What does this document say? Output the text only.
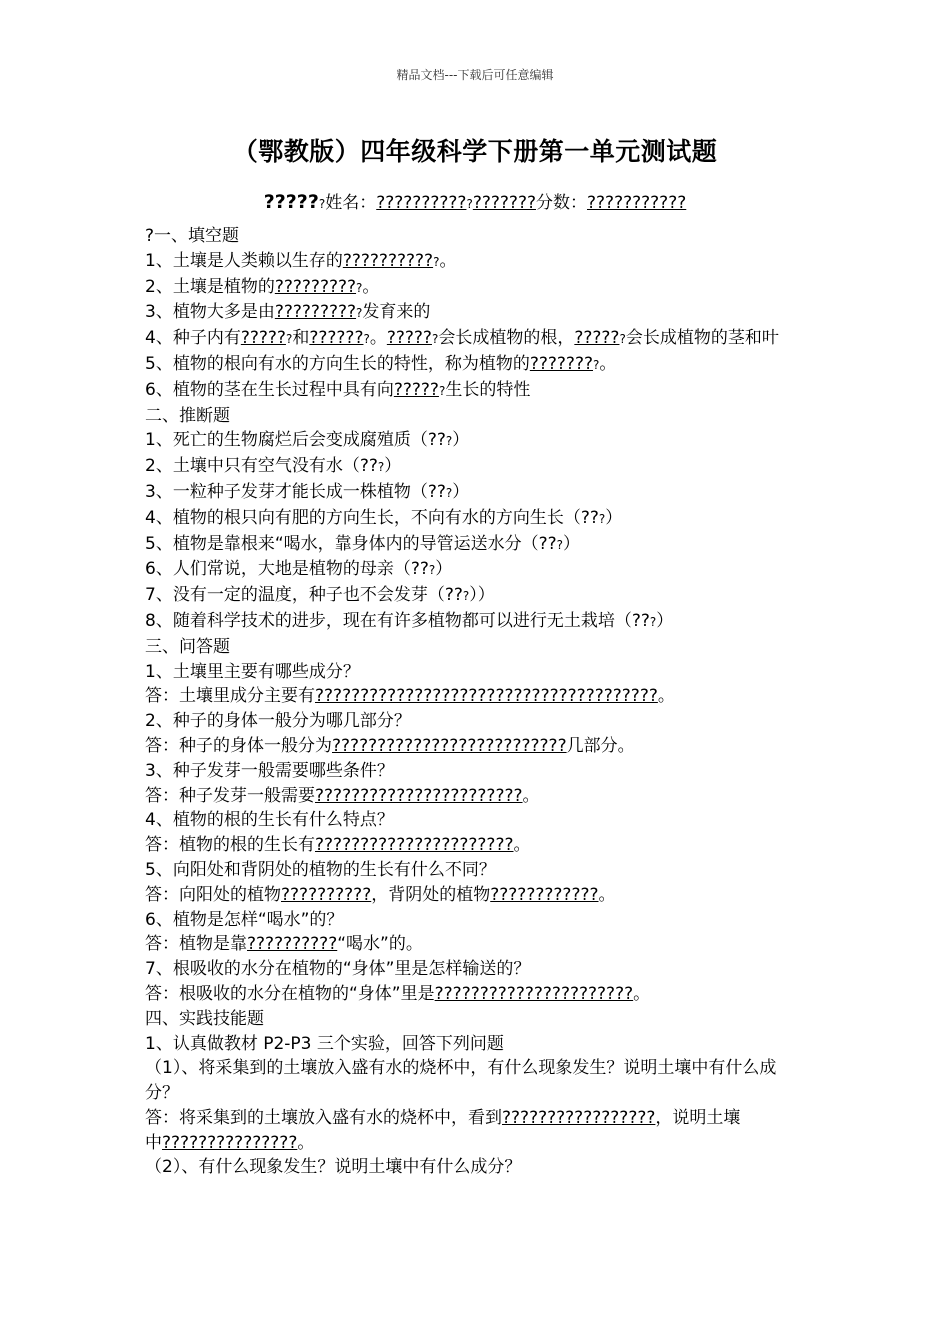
精品文档---下载后可任意编辑
（鄂教版）四年级科学下册第一单元测试题
??????姓名：??????????????????分数：???????????
?一、填空题
1、土壤是人类赖以生存的???????????。
2、土壤是植物的??????????。
3、植物大多是由??????????发育来的
4、种子内有??????和???????。??????会长成植物的根，??????会长成植物的茎和叶
5、植物的根向有水的方向生长的特性，称为植物的????????。
6、植物的茎在生长过程中具有向??????生长的特性
二、推断题
1、死亡的生物腐烂后会变成腐殖质（???）
2、土壤中只有空气没有水（???）
3、一粒种子发芽才能长成一株植物（???）
4、植物的根只向有肥的方向生长，不向有水的方向生长（???）
5、植物是靠根来“喝水，靠身体内的导管运送水分（???）
6、人们常说，大地是植物的母亲（???）
7、没有一定的温度，种子也不会发芽（???））
8、随着科学技术的进步，现在有许多植物都可以进行无土栽培（???）
三、问答题
1、土壤里主要有哪些成分？
答：土壤里成分主要有??????????????????????????????????????。
2、种子的身体一般分为哪几部分？
答：种子的身体一般分为??????????????????????????几部分。
3、种子发芽一般需要哪些条件？
答：种子发芽一般需要???????????????????????。
4、植物的根的生长有什么特点？
答：植物的根的生长有??????????????????????。
5、向阳处和背阴处的植物的生长有什么不同？
答：向阳处的植物??????????，背阴处的植物????????????。
6、植物是怎样“喝水”的？
答：植物是靠??????????“喝水”的。
7、根吸收的水分在植物的“身体”里是怎样输送的？
答：根吸收的水分在植物的“身体”里是??????????????????????。
四、实践技能题
1、认真做教材 P2-P3 三个实验，回答下列问题
（1）、将采集到的土壤放入盛有水的烧杯中，有什么现象发生？说明土壤中有什么成分？
答：将采集到的土壤放入盛有水的烧杯中，看到?????????????????，说明土壤中???????????????。
（2）、有什么现象发生？说明土壤中有什么成分？
